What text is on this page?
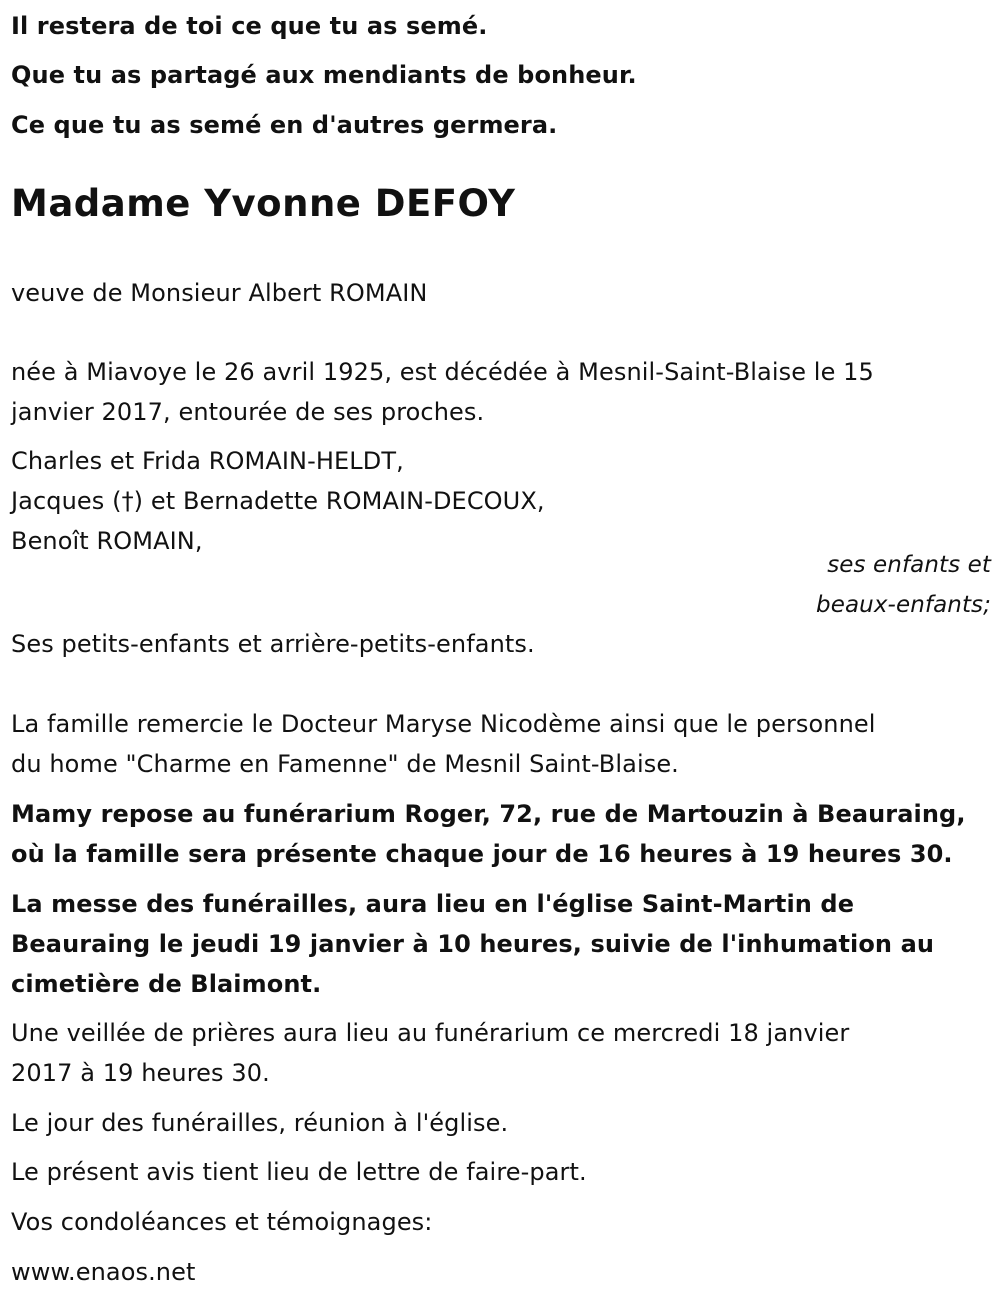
Il restera de toi ce que tu as semé.
Que tu as partagé aux mendiants de bonheur.
Ce que tu as semé en d'autres germera.
Madame Yvonne DEFOY
veuve de Monsieur Albert ROMAIN
née à Miavoye le 26 avril 1925, est décédée à Mesnil-Saint-Blaise le 15
janvier 2017, entourée de ses proches.
Charles et Frida ROMAIN-HELDT,
Jacques (†) et Bernadette ROMAIN-DECOUX,
Benoît ROMAIN,
ses enfants et
beaux-enfants;
Ses petits-enfants et arrière-petits-enfants.
La famille remercie le Docteur Maryse Nicodème ainsi que le personnel
du home "Charme en Famenne" de Mesnil Saint-Blaise.
Mamy repose au funérarium Roger, 72, rue de Martouzin à Beauraing,
où la famille sera présente chaque jour de 16 heures à 19 heures 30.
La messe des funérailles, aura lieu en l'église Saint-Martin de
Beauraing le jeudi 19 janvier à 10 heures, suivie de l'inhumation au
cimetière de Blaimont.
Une veillée de prières aura lieu au funérarium ce mercredi 18 janvier
2017 à 19 heures 30.
Le jour des funérailles, réunion à l'église.
Le présent avis tient lieu de lettre de faire-part.
Vos condoléances et témoignages:
www.enaos.net
